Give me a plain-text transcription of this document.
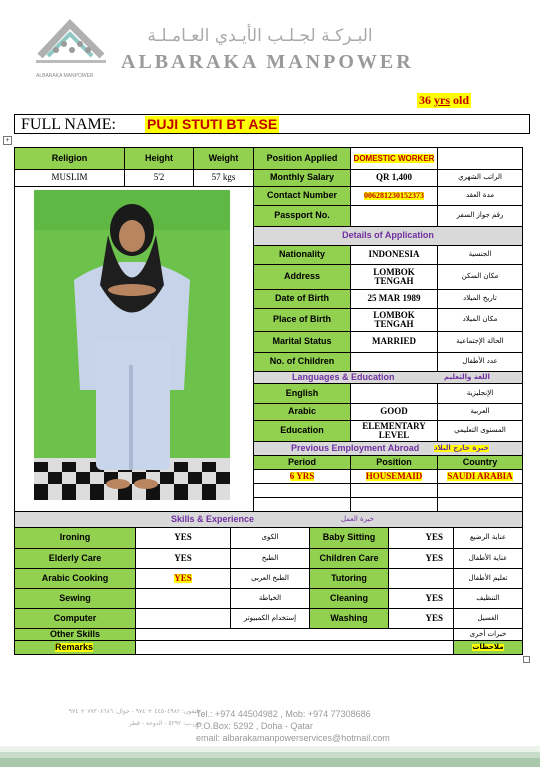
ALBARAKA MANPOWER
البـركـة لجـلـب الأيـدي العـامـلـة
ALBARAKA MANPOWER
36 yrs old
FULL NAME: PUJI STUTI BT ASE
+
Religion	Height	Weight
MUSLIM	5'2	57 kgs
Position Applied	DOMESTIC WORKER
Monthly Salary	QR 1,400	الراتب الشهري
Contact Number	006281230152373	مدة العقد
Passport No.	رقم جواز السفر
Details of Application
Nationality	INDONESIA	الجنسية
Address	LOMBOK TENGAH	مكان السكن
Date of Birth	25 MAR 1989	تاريخ الميلاد
Place of Birth	LOMBOK TENGAH	مكان الميلاد
Marital Status	MARRIED	الحالة الإجتماعية
No. of Children	عدد الأطفال
Languages & Education	اللغة والتعليم
English	الإنجليزية
Arabic	GOOD	العربية
Education	ELEMENTARY LEVEL	المستوى التعليمي
Previous Employment Abroad خبرة خارج البلاد
Period	Position	Country
6 YRS	HOUSEMAID	SAUDI ARABIA
Skills & Experience	خبرة العمل
Ironing	YES	الكوى	Baby Sitting	YES	عناية الرضيع
Elderly Care	YES	الطبخ	Children Care	YES	عناية الأطفال
Arabic Cooking	YES	الطبخ العربى	Tutoring	تعليم الأطفال
Sewing	الخياطة	Cleaning	YES	التنظيف
Computer	إستخدام الكمبيوتر	Washing	YES	الغسيل
Other Skills	خبرات أخرى
Remarks	ملاحظات
تليفون: ٤٤٥٠٤٩٨٢ + ٩٧٤ - جوال: ٧٧٣٠٨٦٨٦ + ٩٧٤
ص.ب: ٥٢٩٢ - الدوحة - قطر
Tel.: +974 44504982 , Mob: +974 77308686
P.O.Box: 5292 , Doha - Qatar
email: albarakamanpowerservices@hotmail.com
